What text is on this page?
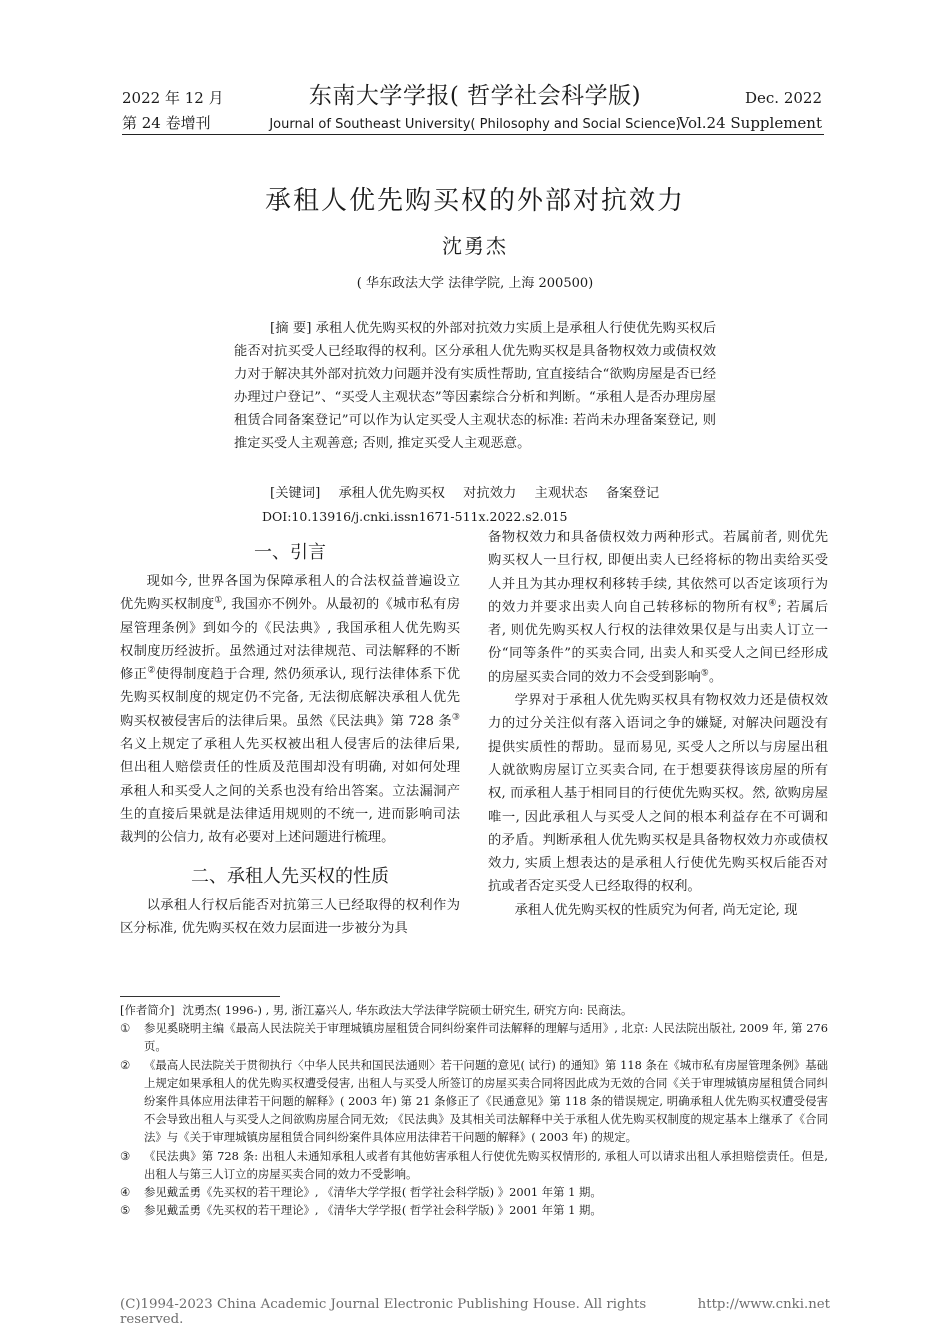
2022 年 12 月
第 24 卷增刊
东南大学学报( 哲学社会科学版)
Journal of Southeast University( Philosophy and Social Science)
Dec. 2022
Vol.24 Supplement
承租人优先购买权的外部对抗效力
沈勇杰
( 华东政法大学 法律学院, 上海 200500)
[摘 要] 承租人优先购买权的外部对抗效力实质上是承租人行使优先购买权后能否对抗买受人已经取得的权利。区分承租人优先购买权是具备物权效力或债权效力对于解决其外部对抗效力问题并没有实质性帮助, 宜直接结合“欲购房屋是否已经办理过户登记”、“买受人主观状态”等因素综合分析和判断。“承租人是否办理房屋租赁合同备案登记”可以作为认定买受人主观状态的标准: 若尚未办理备案登记, 则推定买受人主观善意; 否则, 推定买受人主观恶意。
[关键词] 承租人优先购买权 对抗效力 主观状态 备案登记
DOI:10.13916/j.cnki.issn1671-511x.2022.s2.015
一、引言

现如今, 世界各国为保障承租人的合法权益普遍设立优先购买权制度①, 我国亦不例外。从最初的《城市私有房屋管理条例》到如今的《民法典》, 我国承租人优先购买权制度历经波折。虽然通过对法律规范、司法解释的不断修正②使得制度趋于合理, 然仍须承认, 现行法律体系下优先购买权制度的规定仍不完备, 无法彻底解决承租人优先购买权被侵害后的法律后果。虽然《民法典》第 728 条③名义上规定了承租人先买权被出租人侵害后的法律后果, 但出租人赔偿责任的性质及范围却没有明确, 对如何处理承租人和买受人之间的关系也没有给出答案。立法漏洞产生的直接后果就是法律适用规则的不统一, 进而影响司法裁判的公信力, 故有必要对上述问题进行梳理。

二、承租人先买权的性质

以承租人行权后能否对抗第三人已经取得的权利作为区分标准, 优先购买权在效力层面进一步被分为具

备物权效力和具备债权效力两种形式。若属前者, 则优先购买权人一旦行权, 即便出卖人已经将标的物出卖给买受人并且为其办理权利移转手续, 其依然可以否定该项行为的效力并要求出卖人向自己转移标的物所有权④; 若属后者, 则优先购买权人行权的法律效果仅是与出卖人订立一份“同等条件”的买卖合同, 出卖人和买受人之间已经形成的房屋买卖合同的效力不会受到影响⑤。

学界对于承租人优先购买权具有物权效力还是债权效力的过分关注似有落入语词之争的嫌疑, 对解决问题没有提供实质性的帮助。显而易见, 买受人之所以与房屋出租人就欲购房屋订立买卖合同, 在于想要获得该房屋的所有权, 而承租人基于相同目的行使优先购买权。然, 欲购房屋唯一, 因此承租人与买受人之间的根本利益存在不可调和的矛盾。判断承租人优先购买权是具备物权效力亦或债权效力, 实质上想表达的是承租人行使优先购买权后能否对抗或者否定买受人已经取得的权利。

承租人优先购买权的性质究为何者, 尚无定论, 现

[作者简介] 沈勇杰( 1996-) , 男, 浙江嘉兴人, 华东政法大学法律学院硕士研究生, 研究方向: 民商法。
①	参见奚晓明主编《最高人民法院关于审理城镇房屋租赁合同纠纷案件司法解释的理解与适用》, 北京: 人民法院出版社, 2009 年, 第 276 页。
②	《最高人民法院关于贯彻执行〈中华人民共和国民法通则〉若干问题的意见( 试行) 的通知》第 118 条在《城市私有房屋管理条例》基础上规定如果承租人的优先购买权遭受侵害, 出租人与买受人所签订的房屋买卖合同将因此成为无效的合同《关于审理城镇房屋租赁合同纠纷案件具体应用法律若干问题的解释》( 2003 年) 第 21 条修正了《民通意见》第 118 条的错误规定, 明确承租人优先购买权遭受侵害不会导致出租人与买受人之间欲购房屋合同无效; 《民法典》及其相关司法解释中关于承租人优先购买权制度的规定基本上继承了《合同法》与《关于审理城镇房屋租赁合同纠纷案件具体应用法律若干问题的解释》( 2003 年) 的规定。
③	《民法典》第 728 条: 出租人未通知承租人或者有其他妨害承租人行使优先购买权情形的, 承租人可以请求出租人承担赔偿责任。但是, 出租人与第三人订立的房屋买卖合同的效力不受影响。
④	参见戴孟勇《先买权的若干理论》, 《清华大学学报( 哲学社会科学版) 》2001 年第 1 期。
⑤	参见戴孟勇《先买权的若干理论》, 《清华大学学报( 哲学社会科学版) 》2001 年第 1 期。
(C)1994-2023 China Academic Journal Electronic Publishing House. All rights reserved.
http://www.cnki.net
